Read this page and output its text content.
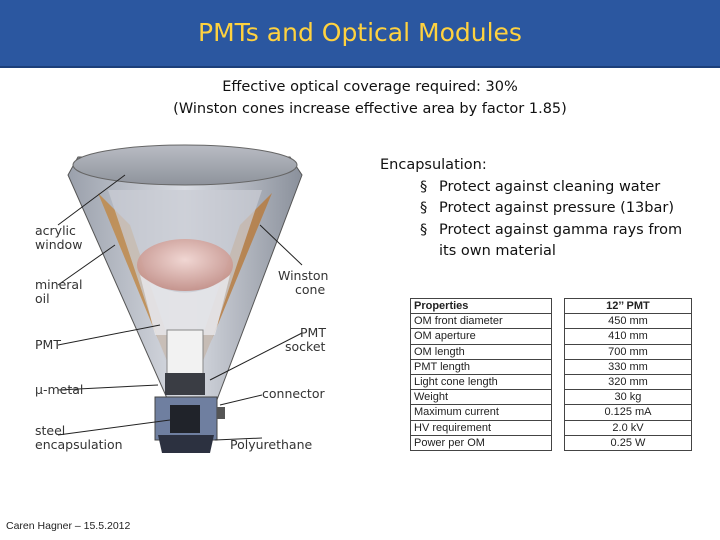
PMTs and Optical Modules
Effective optical coverage required: 30%
(Winston cones increase effective area by factor 1.85)
acrylic
window
mineral
oil
PMT
µ-metal
steel
encapsulation
Winston
cone
PMT
socket
connector
Polyurethane
Encapsulation:
§ Protect against cleaning water
§ Protect against pressure (13bar)
§ Protect against gamma rays from
its own material
Properties		12’’ PMT
OM front diameter		450 mm
OM aperture		410 mm
OM length		700 mm
PMT length		330 mm
Light cone length		320 mm
Weight		30 kg
Maximum current		0.125 mA
HV requirement		2.0 kV
Power per OM		0.25 W
Caren Hagner – 15.5.2012
